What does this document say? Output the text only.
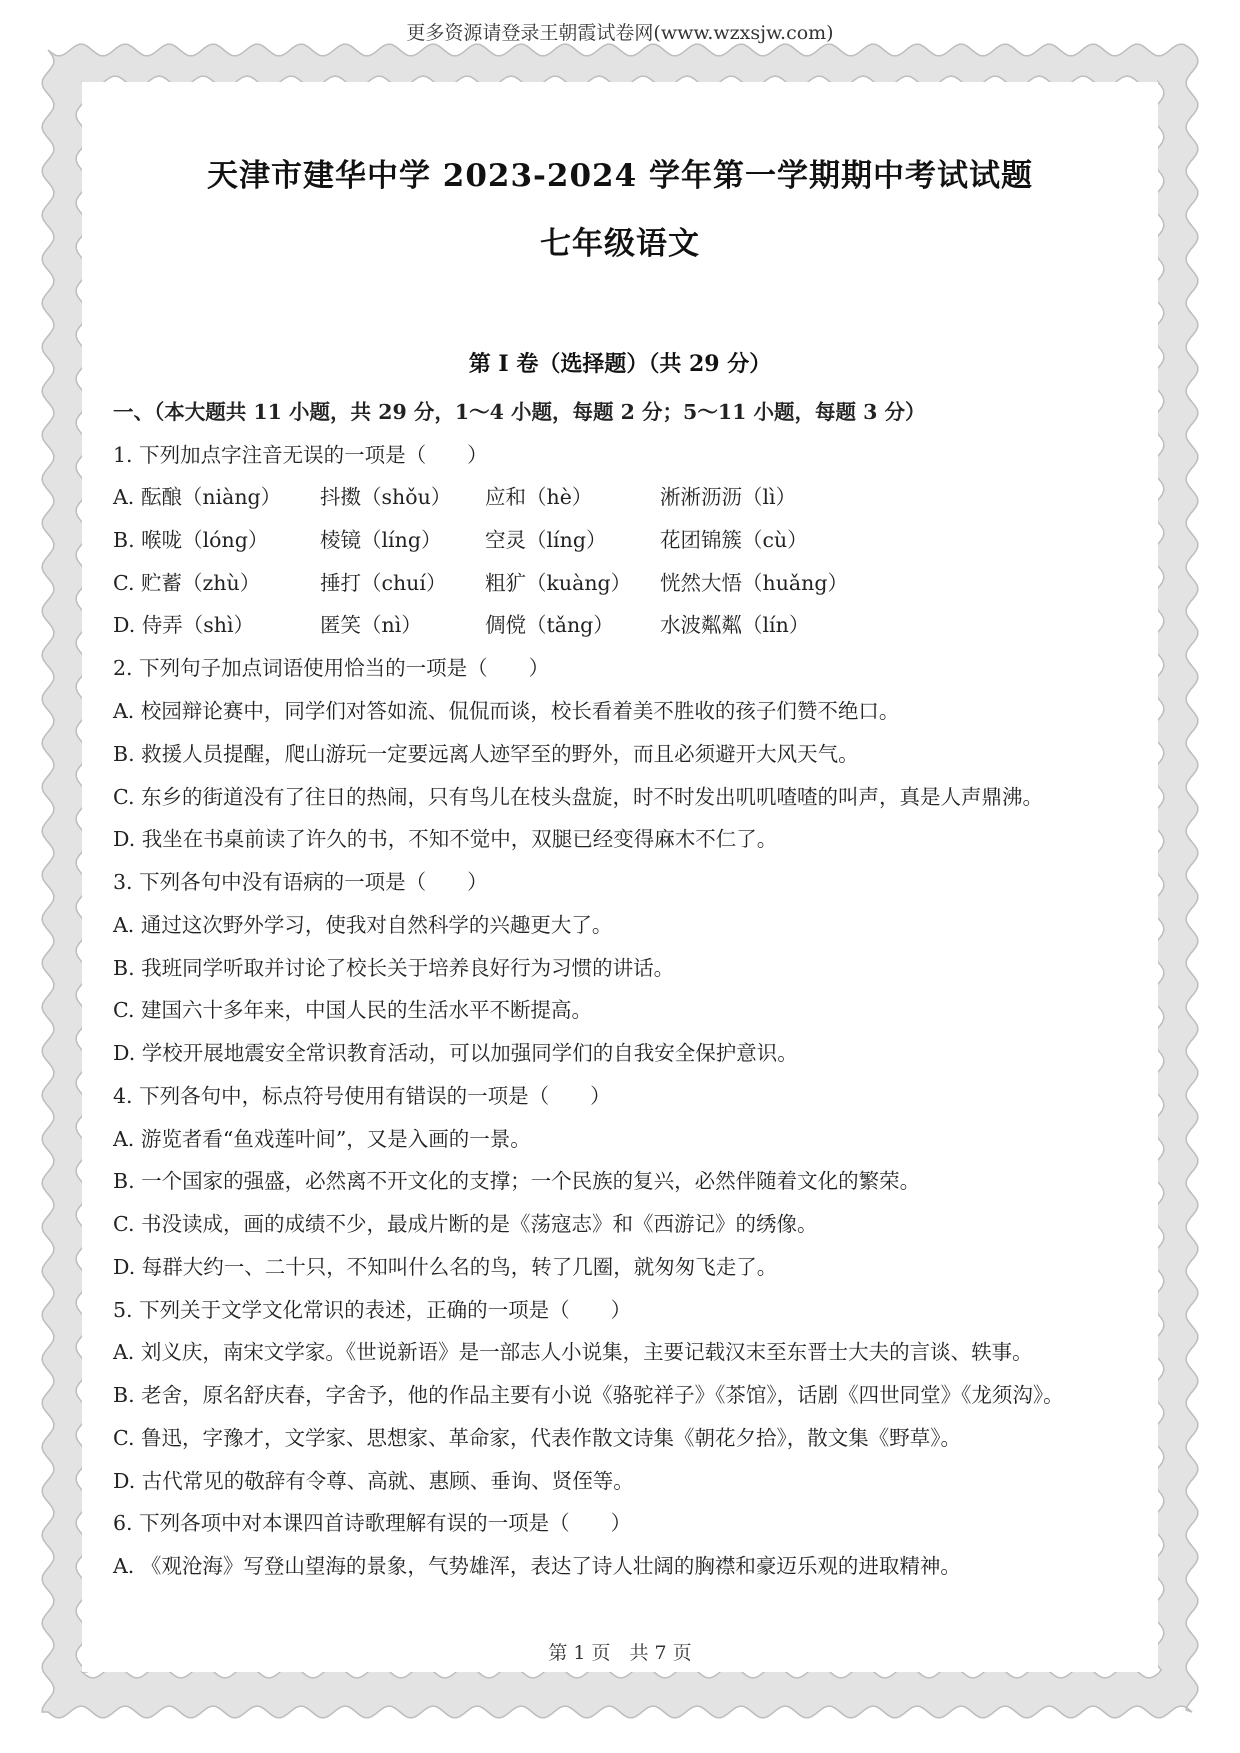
更多资源请登录王朝霞试卷网(www.wzxsjw.com)
天津市建华中学 2023-2024 学年第一学期期中考试试题
七年级语文
第 I 卷（选择题）（共 29 分）
一、（本大题共 11 小题，共 29 分，1～4 小题，每题 2 分；5～11 小题，每题 3 分）
1. 下列加点字注音无误的一项是（　　）
A. 酝酿（niàng） 抖擞（shǒu） 应和（hè）	淅淅沥沥（lì）
B. 喉咙（lóng）	棱镜（líng） 空灵（líng）	花团锦簇（cù）
C. 贮蓄（zhù）	捶打（chuí） 粗犷（kuàng） 恍然大悟（huǎng）
D. 侍弄（shì）	匿笑（nì）	倜傥（tǎng） 水波粼粼（lín）
2. 下列句子加点词语使用恰当的一项是（　　）
A. 校园辩论赛中，同学们对答如流、侃侃而谈，校长看着美不胜收的孩子们赞不绝口。
B. 救援人员提醒，爬山游玩一定要远离人迹罕至的野外，而且必须避开大风天气。
C. 东乡的街道没有了往日的热闹，只有鸟儿在枝头盘旋，时不时发出叽叽喳喳的叫声，真是人声鼎沸。
D. 我坐在书桌前读了许久的书，不知不觉中，双腿已经变得麻木不仁了。
3. 下列各句中没有语病的一项是（　　）
A. 通过这次野外学习，使我对自然科学的兴趣更大了。
B. 我班同学听取并讨论了校长关于培养良好行为习惯的讲话。
C. 建国六十多年来，中国人民的生活水平不断提高。
D. 学校开展地震安全常识教育活动，可以加强同学们的自我安全保护意识。
4. 下列各句中，标点符号使用有错误的一项是（　　）
A. 游览者看“鱼戏莲叶间”，又是入画的一景。
B. 一个国家的强盛，必然离不开文化的支撑；一个民族的复兴，必然伴随着文化的繁荣。
C. 书没读成，画的成绩不少，最成片断的是《荡寇志》和《西游记》的绣像。
D. 每群大约一、二十只，不知叫什么名的鸟，转了几圈，就匆匆飞走了。
5. 下列关于文学文化常识的表述，正确的一项是（　　）
A. 刘义庆，南宋文学家。《世说新语》是一部志人小说集，主要记载汉末至东晋士大夫的言谈、轶事。
B. 老舍，原名舒庆春，字舍予，他的作品主要有小说《骆驼祥子》《茶馆》，话剧《四世同堂》《龙须沟》。
C. 鲁迅，字豫才，文学家、思想家、革命家，代表作散文诗集《朝花夕拾》，散文集《野草》。
D. 古代常见的敬辞有令尊、高就、惠顾、垂询、贤侄等。
6. 下列各项中对本课四首诗歌理解有误的一项是（　　）
A. 《观沧海》写登山望海的景象，气势雄浑，表达了诗人壮阔的胸襟和豪迈乐观的进取精神。
第 1 页　共 7 页
